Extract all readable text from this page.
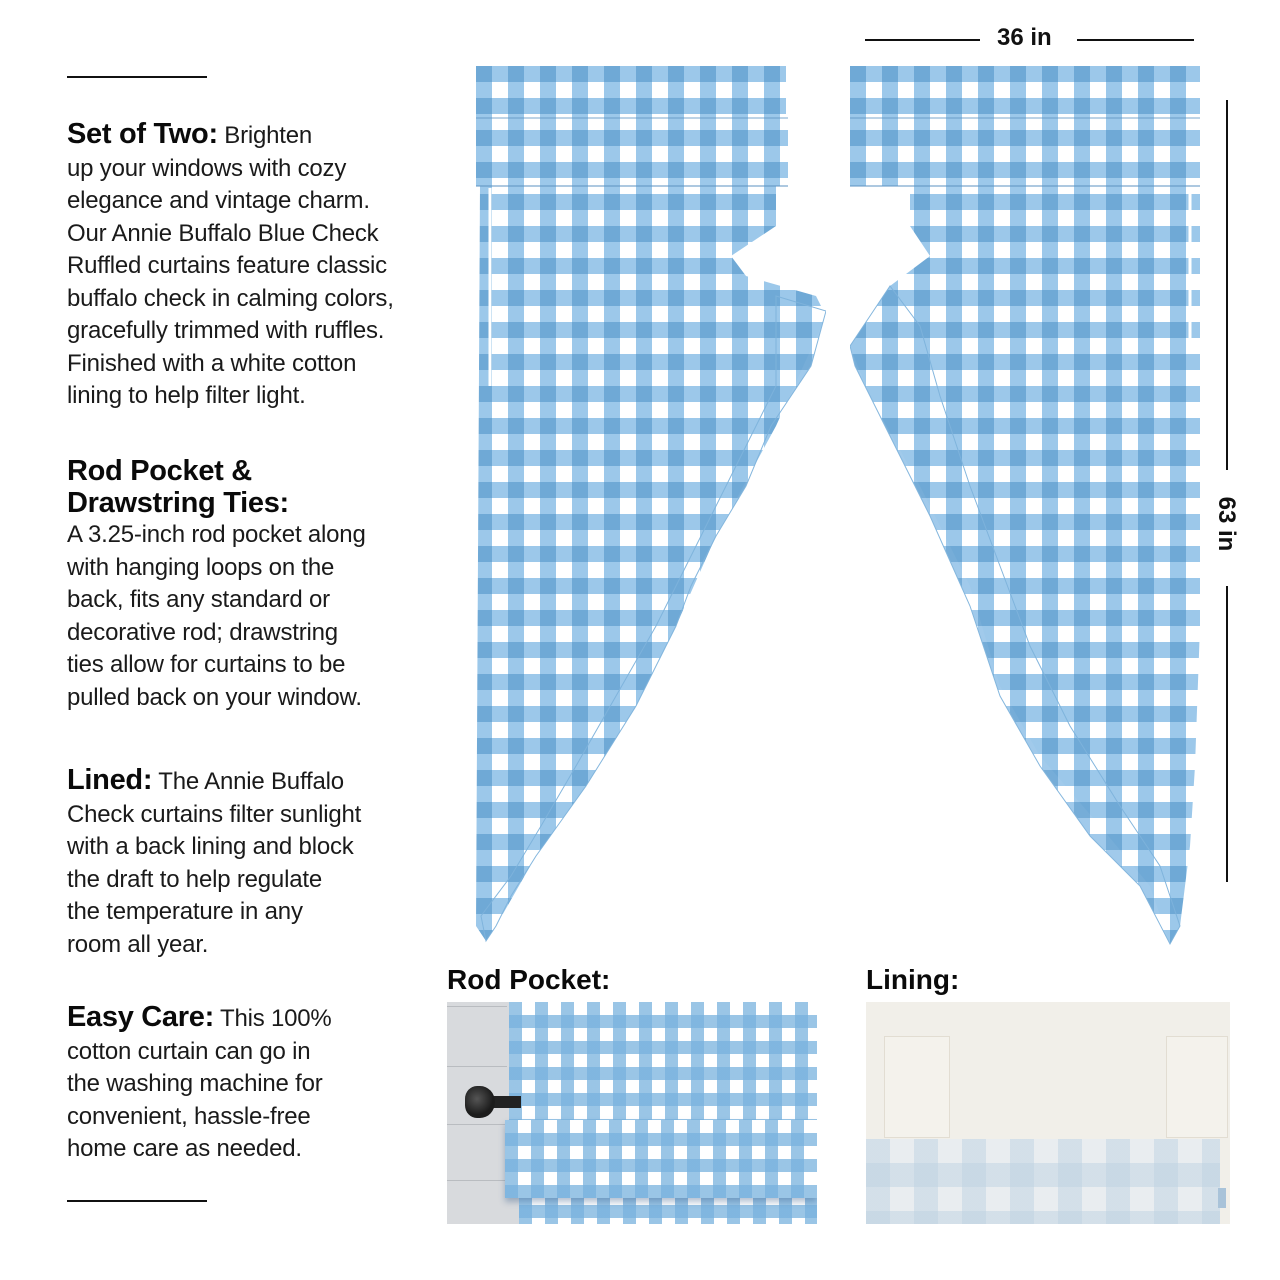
Set of Two: Brighten
up your windows with cozy
elegance and vintage charm.
Our Annie Buffalo Blue Check
Ruffled curtains feature classic
buffalo check in calming colors,
gracefully trimmed with ruffles.
Finished with a white cotton
lining to help filter light.
Rod Pocket &
Drawstring Ties:
A 3.25-inch rod pocket along
with hanging loops on the
back, fits any standard or
decorative rod; drawstring
ties allow for curtains to be
pulled back on your window.
Lined: The Annie Buffalo
Check curtains filter sunlight
with a back lining and block
the draft to help regulate
the temperature in any
room all year.
Easy Care: This 100%
cotton curtain can go in
the washing machine for
convenient, hassle-free
home care as needed.
36 in
63 in
Rod Pocket:	Lining:
